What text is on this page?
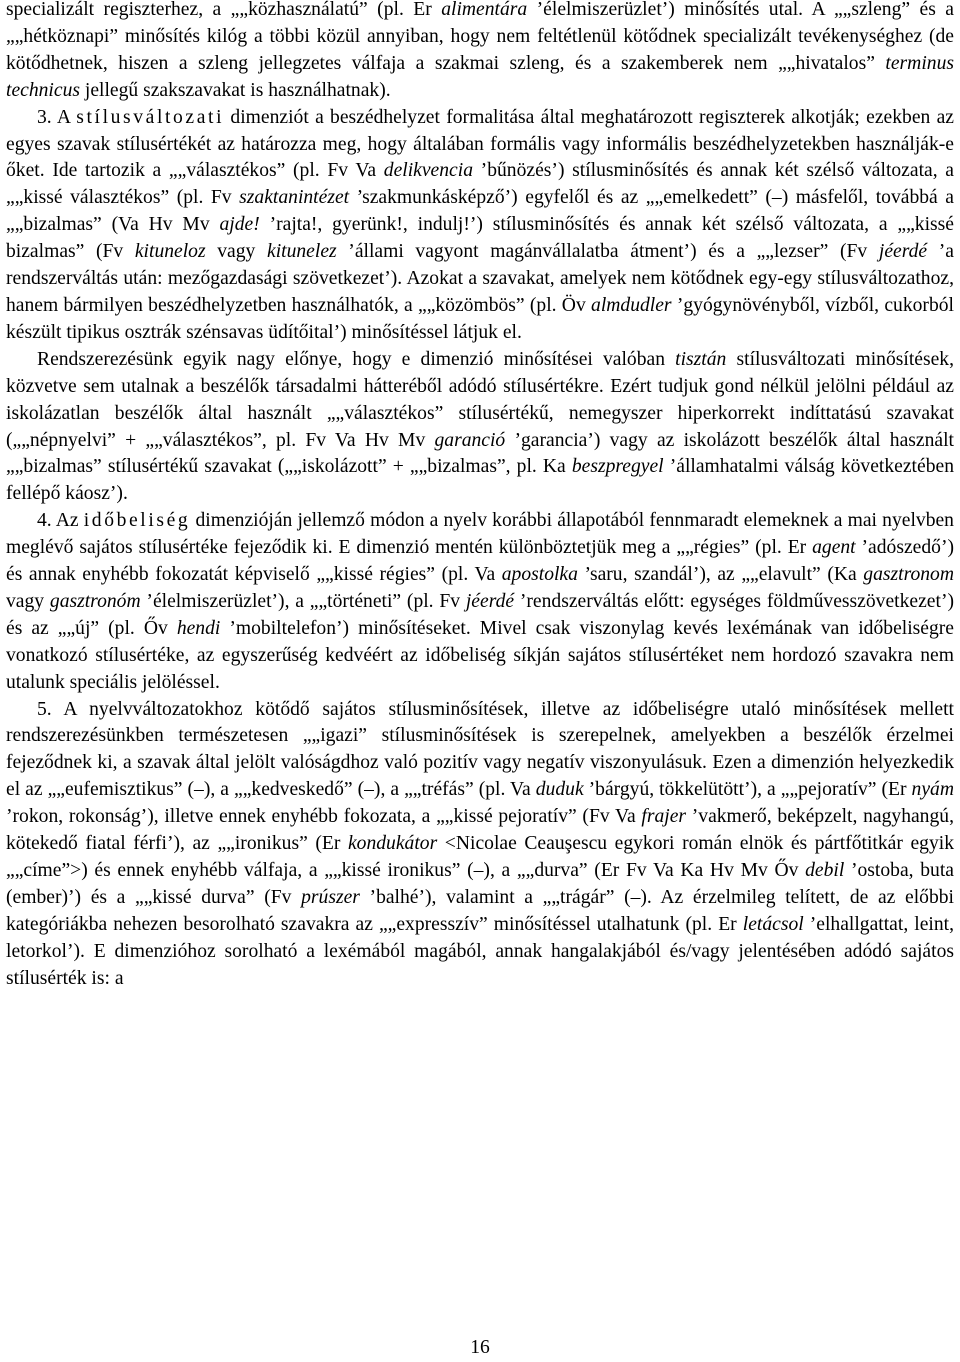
specializált regiszterhez, a „„közhasználatú” (pl. Er alimentára ’élelmiszerüzlet’) minősítés utal. A „„szleng” és a „„hétköznapi” minősítés kilóg a többi közül annyiban, hogy nem feltétlenül kötődnek specializált tevékenységhez (de kötődhetnek, hiszen a szleng jellegzetes válfaja a szakmai szleng, és a szakemberek nem „„hivatalos” terminus technicus jellegű szakszavakat is használhatnak).

3. A stílusváltozati dimenziót a beszédhelyzet formalitása által meghatározott regiszterek alkotják; ezekben az egyes szavak stílusértékét az határozza meg, hogy általában formális vagy informális beszédhelyzetekben használják-e őket. Ide tartozik a „„választékos” (pl. Fv Va delikvencia ’bűnözés’) stílusminősítés és annak két szélső változata, a „„kissé választékos” (pl. Fv szaktanintézet ’szakmunkásképző’) egyfelől és az „„emelkedett” (–) másfelől, továbbá a „„bizalmas” (Va Hv Mv ajde! ’rajta!, gyerünk!, indulj!’) stílusminősítés és annak két szélső változata, a „„kissé bizalmas” (Fv kituneloz vagy kitunelez ’állami vagyont magánvállalatba átment’) és a „„lezser” (Fv jéerdé ’a rendszerváltás után: mezőgazdasági szövetkezet’). Azokat a szavakat, amelyek nem kötődnek egy-egy stílusváltozathoz, hanem bármilyen beszédhelyzetben használhatók, a „„közömbös” (pl. Öv almdudler ’gyógynövényből, vízből, cukorból készült tipikus osztrák szénsavas üdítőital’) minősítéssel látjuk el.

Rendszerezésünk egyik nagy előnye, hogy e dimenzió minősítései valóban tisztán stílusváltozati minősítések, közvetve sem utalnak a beszélők társadalmi hátteréből adódó stílusértékre. Ezért tudjuk gond nélkül jelölni például az iskolázatlan beszélők által használt „„választékos” stílusértékű, nemegyszer hiperkorrekt indíttatású szavakat („„népnyelvi” + „„választékos”, pl. Fv Va Hv Mv garanció ’garancia’) vagy az iskolázott beszélők által használt „„bizalmas” stílusértékű szavakat („„iskolázott” + „„bizalmas”, pl. Ka beszpregyel ’államhatalmi válság következtében fellépő káosz’).

4. Az időbeliség dimenzióján jellemző módon a nyelv korábbi állapotából fennmaradt elemeknek a mai nyelvben meglévő sajátos stílusértéke fejeződik ki. E dimenzió mentén különböztetjük meg a „„régies” (pl. Er agent ’adószedő’) és annak enyhébb fokozatát képviselő „„kissé régies” (pl. Va apostolka ’saru, szandál’), az „„elavult” (Ka gasztronom vagy gasztronóm ’élelmiszerüzlet’), a „„történeti” (pl. Fv jéerdé ’rendszerváltás előtt: egységes földművesszövetkezet’) és az „„új” (pl. Őv hendi ’mobiltelefon’) minősítéseket. Mivel csak viszonylag kevés lexémának van időbeliségre vonatkozó stílusértéke, az egyszerűség kedvéért az időbeliség síkján sajátos stílusértéket nem hordozó szavakra nem utalunk speciális jelöléssel.

5. A nyelvváltozatokhoz kötődő sajátos stílusminősítések, illetve az időbeliségre utaló minősítések mellett rendszerezésünkben természetesen „„igazi” stílusminősítések is szerepelnek, amelyekben a beszélők érzelmei fejeződnek ki, a szavak által jelölt valóságdhoz való pozitív vagy negatív viszonyulásuk. Ezen a dimenzión helyezkedik el az „„eufemisztikus” (–), a „„kedveskedő” (–), a „„tréfás” (pl. Va duduk ’bárgyú, tökkelütött’), a „„pejoratív” (Er nyám ’rokon, rokonság’), illetve ennek enyhébb fokozata, a „„kissé pejoratív” (Fv Va frajer ’vakmerő, beképzelt, nagyhangú, kötekedő fiatal férfi’), az „„ironikus” (Er kondukátor <Nicolae Ceauşescu egykori román elnök és pártfőtitkár egyik „„címe”>) és ennek enyhébb válfaja, a „„kissé ironikus” (–), a „„durva” (Er Fv Va Ka Hv Mv Őv debil ’ostoba, buta (ember)’) és a „„kissé durva” (Fv prúszer ’balhé’), valamint a „„trágár” (–). Az érzelmileg telített, de az előbbi kategóriákba nehezen besorolható szavakra az „„expresszív” minősítéssel utalhatunk (pl. Er letácsol ’elhallgattat, leint, letorkol’). E dimenzióhoz sorolható a lexémából magából, annak hangalakjából és/vagy jelentésében adódó sajátos stílusérték is: a

16
